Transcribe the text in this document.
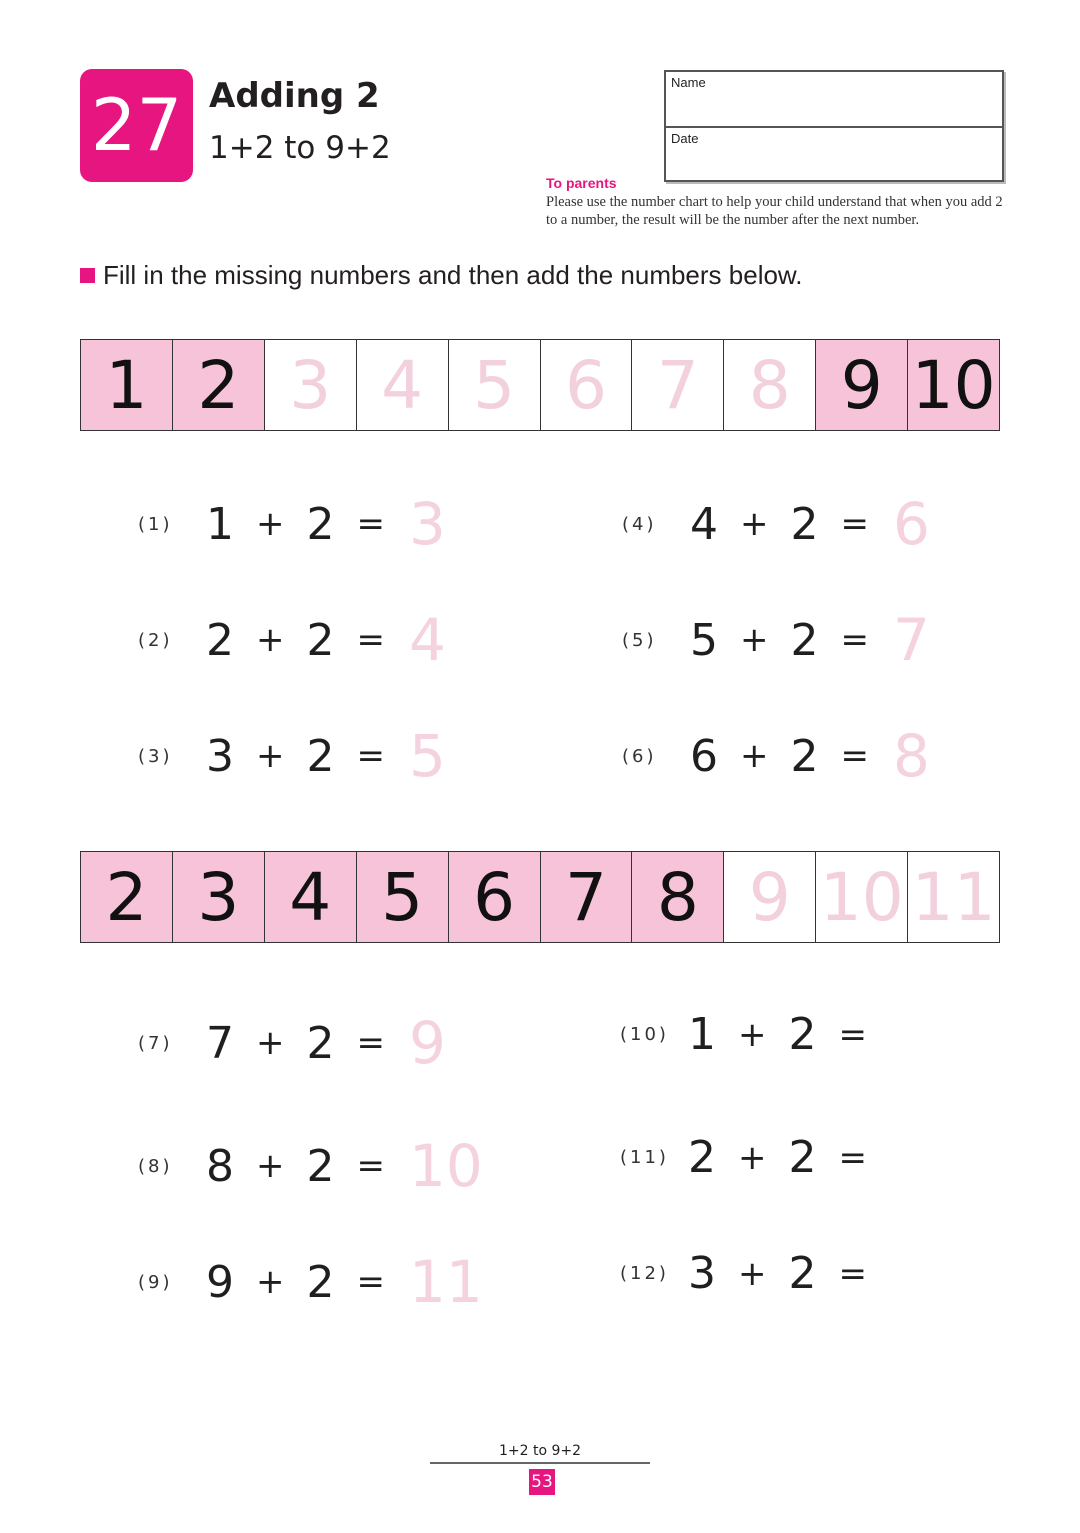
27 Adding 2
1+2 to 9+2
Name
Date
To parents
Please use the number chart to help your child understand that when you add 2 to a number, the result will be the number after the next number.
Fill in the missing numbers and then add the numbers below.
1 2 3 4 5 6 7 8 9 10
(1) 1 + 2 = 3
(2) 2 + 2 = 4
(3) 3 + 2 = 5
(4) 4 + 2 = 6
(5) 5 + 2 = 7
(6) 6 + 2 = 8
2 3 4 5 6 7 8 9 10 11
(7) 7 + 2 = 9
(8) 8 + 2 = 10
(9) 9 + 2 = 11
(10) 1 + 2 =
(11) 2 + 2 =
(12) 3 + 2 =
1+2 to 9+2
53
